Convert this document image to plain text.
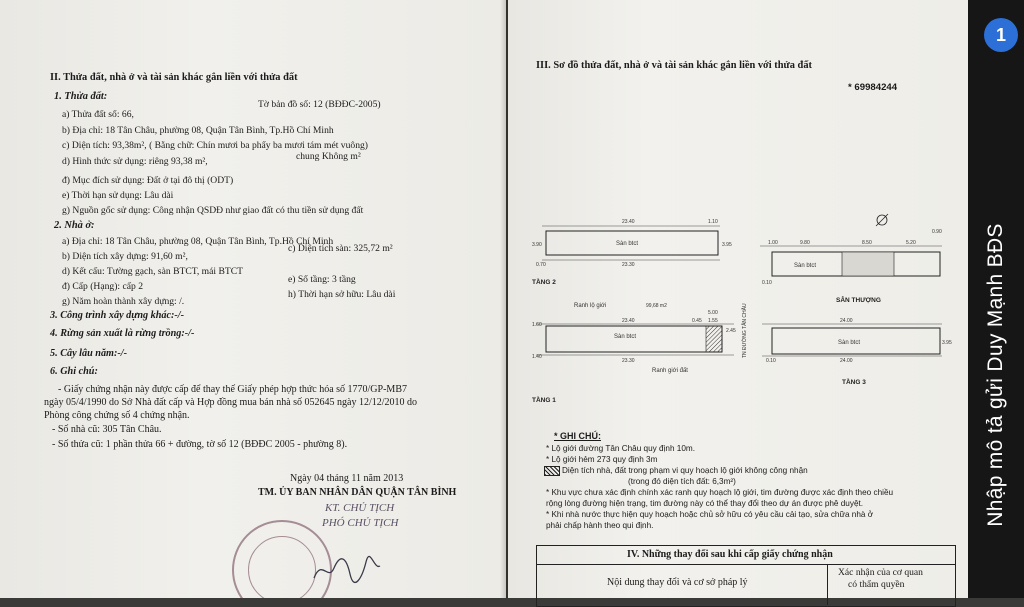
II. Thửa đất, nhà ở và tài sản khác gắn liền với thửa đất
1. Thửa đất:
a) Thửa đất số: 66,
Tờ bản đồ số: 12 (BĐĐC-2005)
b) Địa chỉ: 18 Tân Châu, phường 08, Quận Tân Bình, Tp.Hồ Chí Minh
c) Diện tích: 93,38m², ( Bằng chữ: Chín mươi ba phẩy ba mươi tám mét vuông)
d) Hình thức sử dụng: riêng 93,38 m²,	chung Không m²
đ) Mục đích sử dụng: Đất ở tại đô thị (ODT)
e) Thời hạn sử dụng: Lâu dài
g) Nguồn gốc sử dụng: Công nhận QSDĐ như giao đất có thu tiền sử dụng đất
2. Nhà ở:
a) Địa chỉ: 18 Tân Châu, phường 08, Quận Tân Bình, Tp.Hồ Chí Minh
b) Diện tích xây dựng: 91,60 m²,
c) Diện tích sàn: 325,72 m²
d) Kết cấu: Tường gạch, sàn BTCT, mái BTCT
đ) Cấp (Hạng): cấp 2
e) Số tầng: 3 tầng
g) Năm hoàn thành xây dựng: /.
h) Thời hạn sở hữu: Lâu dài
3. Công trình xây dựng khác:-/-
4. Rừng sản xuất là rừng trồng:-/-
5. Cây lâu năm:-/-
6. Ghi chú:
- Giấy chứng nhận này được cấp để thay thế Giấy phép hợp thức hóa số 1770/GP-MB7
ngày 05/4/1990 do Sở Nhà đất cấp và Hợp đồng mua bán nhà số 052645 ngày 12/12/2010 do
Phòng công chứng số 4 chứng nhận.
- Số nhà cũ: 305 Tân Châu.
- Số thửa cũ: 1 phần thửa 66 + đường, tờ số 12 (BĐĐC 2005 - phường 8).
Ngày 04 tháng 11 năm 2013
TM. ỦY BAN NHÂN DÂN QUẬN TÂN BÌNH
KT. CHỦ TỊCH
PHÓ CHỦ TỊCH
III. Sơ đồ thửa đất, nhà ở và tài sản khác gắn liền với thửa đất
* 69984244
23.40	1.10
Sàn btct
3.90	3.95
0.70	23.30
TẦNG 2
1.00	9.80	8.50	5.20
Sàn btct
0.10
0.90
SÂN THƯỢNG
Ranh lộ giới	99,68 m2
5.00
23.40	0.45 1.55
Sàn btct
1.60
1.40
2.45
23.30
Ranh giới đất
TẦNG 1
TN ĐƯỜNG TÂN CHÂU	24.00
Sàn btct	3.95
0.10	24.00
TẦNG 3
* GHI CHÚ:
* Lộ giới đường Tân Châu quy định 10m.
* Lộ giới hẻm 273 quy định 3m
Diện tích nhà, đất trong phạm vi quy hoạch lộ giới không công nhận
(trong đó diện tích đất: 6,3m²)
* Khu vực chưa xác định chính xác ranh quy hoạch lộ giới, tim đường được xác định theo chiều
rộng lòng đường hiện trạng, tim đường này có thể thay đổi theo dự án được phê duyệt.
* Khi nhà nước thực hiện quy hoạch hoặc chủ sở hữu có yêu cầu cải tạo, sửa chữa nhà ở
phải chấp hành theo qui định.
IV. Những thay đổi sau khi cấp giấy chứng nhận
Nội dung thay đổi và cơ sở pháp lý
Xác nhận của cơ quan
có thẩm quyền
1
Nhập mô tả gửi Duy Mạnh BĐS
